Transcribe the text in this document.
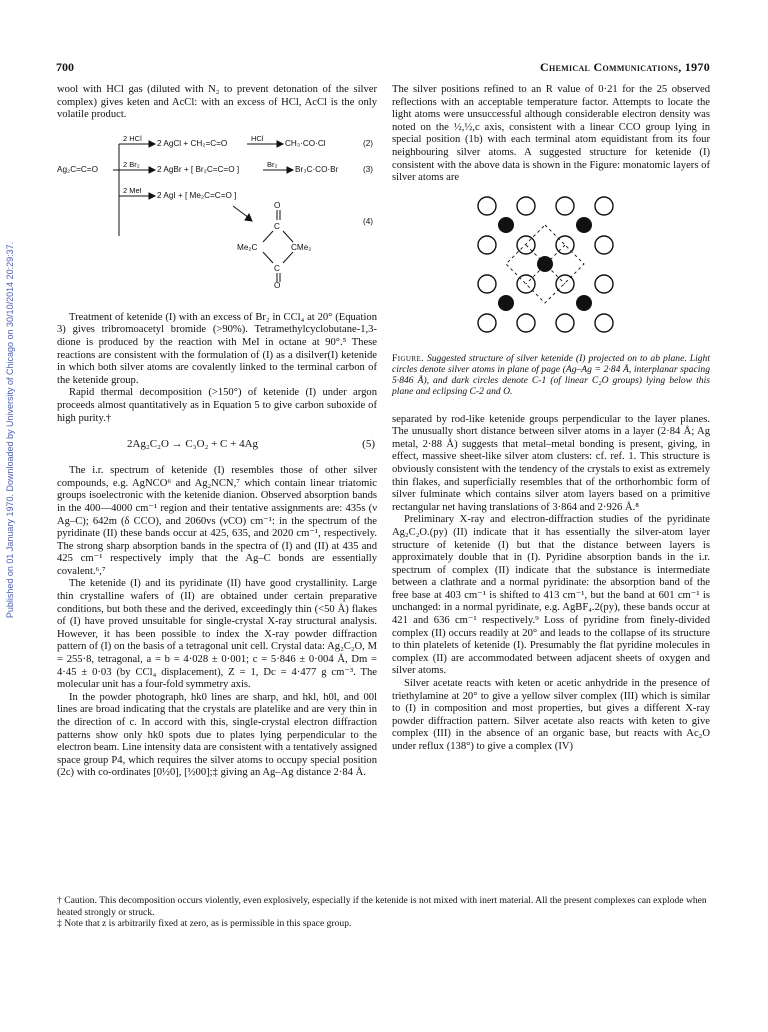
700	Chemical Communications, 1970
Published on 01 January 1970. Downloaded by University of Chicago on 30/10/2014 20:29:37.

wool with HCl gas (diluted with N₂ to prevent detonation of the silver complex) gives keten and AcCl: with an excess of HCl, AcCl is the only volatile product.

Ag₂C=C=O
2 HCl
2 AgCl + CH₂=C=O
HCl
CH₃·CO·Cl	(2)
2 Br₂
2 AgBr + [ Br₂C=C=O ]
Br₂
Br₃C·CO·Br	(3)
2 MeI
2 AgI + [ Me₂C=C=O ]
(4)
O
C
Me₂C	CMe₂
C
O

Treatment of ketenide (I) with an excess of Br₂ in CCl₄ at 20° (Equation 3) gives tribromoacetyl bromide (>90%). Tetramethylcyclobutane-1,3-dione is produced by the reaction with MeI in octane at 90°.⁵ These reactions are consistent with the formulation of (I) as a disilver(I) ketenide in which both silver atoms are covalently linked to the terminal carbon of the ketenide group.

Rapid thermal decomposition (>150°) of ketenide (I) under argon proceeds almost quantitatively as in Equation 5 to give carbon suboxide of high purity.†

2Ag₂C₂O → C₃O₂ + C + 4Ag	(5)

The i.r. spectrum of ketenide (I) resembles those of other silver compounds, e.g. AgNCO⁶ and Ag₂NCN,⁷ which contain linear triatomic groups isoelectronic with the ketenide dianion. Observed absorption bands in the 400—4000 cm⁻¹ region and their tentative assignments are: 435s (ν Ag–C); 642m (δ CCO), and 2060vs (νCO) cm⁻¹: in the spectrum of the pyridinate (II) these bands occur at 425, 635, and 2020 cm⁻¹, respectively. The strong sharp absorption bands in the spectra of (I) and (II) at 435 and 425 cm⁻¹ respectively imply that the Ag–C bonds are essentially covalent.⁶,⁷

The ketenide (I) and its pyridinate (II) have good crystallinity. Large thin crystalline wafers of (II) are obtained under certain preparative conditions, but both these and the derived, exceedingly thin (<50 Å) flakes of (I) have proved unsuitable for single-crystal X-ray structural analysis. However, it has been possible to index the X-ray powder diffraction pattern of (I) on the basis of a tetragonal unit cell. Crystal data: Ag₂C₂O, M = 255·8, tetragonal, a = b = 4·028 ± 0·001; c = 5·846 ± 0·004 Å, Dm = 4·45 ± 0·03 (by CCl₄ displacement), Z = 1, Dc = 4·477 g cm⁻³. The molecular unit has a four-fold symmetry axis.

In the powder photograph, hk0 lines are sharp, and hkl, h0l, and 00l lines are broad indicating that the crystals are platelike and are very thin in the direction of c. In accord with this, single-crystal electron diffraction patterns show only hk0 spots due to plates lying perpendicular to the electron beam. Line intensity data are consistent with a tentatively assigned space group P4, which requires the silver atoms to occupy special position (2c) with co-ordinates [0½0], [½00];‡ giving an Ag–Ag distance 2·84 Å.

The silver positions refined to an R value of 0·21 for the 25 observed reflections with an acceptable temperature factor. Attempts to locate the light atoms were unsuccessful although considerable electron density was noted on the ½,½,c axis, consistent with a linear CCO group lying in special position (1b) with each terminal atom equidistant from its four neighbouring silver atoms. A suggested structure for ketenide (I) consistent with the above data is shown in the Figure: monatomic layers of silver atoms are

Figure. Suggested structure of silver ketenide (I) projected on to ab plane. Light circles denote silver atoms in plane of page (Ag–Ag = 2·84 Å, interplanar spacing 5·846 Å), and dark circles denote C-1 (of linear C₂O groups) lying below this plane and eclipsing C-2 and O.

separated by rod-like ketenide groups perpendicular to the layer planes. The unusually short distance between silver atoms in a layer (2·84 Å; Ag metal, 2·88 Å) suggests that metal–metal bonding is present, giving, in effect, massive sheet-like silver atom clusters: cf. ref. 1. This structure is obviously consistent with the tendency of the crystals to exist as extremely thin flakes, and superficially resembles that of the orthorhombic form of silver fulminate which contains silver atom layers based on a primitive rectangular net having translations of 3·864 and 2·926 Å.⁸

Preliminary X-ray and electron-diffraction studies of the pyridinate Ag₂C₂O.(py) (II) indicate that it has essentially the silver-atom layer structure of ketenide (I) but that the distance between layers is approximately double that in (I). Pyridine absorption bands in the i.r. spectrum of complex (II) indicate that the substance is intermediate between a clathrate and a normal pyridinate: the absorption band of the free base at 403 cm⁻¹ is shifted to 413 cm⁻¹, but the band at 601 cm⁻¹ is unchanged: in a normal pyridinate, e.g. AgBF₄.2(py), these bands occur at 421 and 636 cm⁻¹ respectively.⁹ Loss of pyridine from finely-divided complex (II) occurs readily at 20° and leads to the collapse of its structure to thin platelets of ketenide (I). Presumably the flat pyridine molecules in complex (II) are accommodated between adjacent sheets of oxygen and silver atoms.

Silver acetate reacts with keten or acetic anhydride in the presence of triethylamine at 20° to give a yellow silver complex (III) which is similar to (I) in composition and most properties, but gives a different X-ray powder diffraction pattern. Silver acetate also reacts with keten to give complex (III) in the absence of an organic base, but reacts with Ac₂O under reflux (138°) to give a complex (IV)

† Caution. This decomposition occurs violently, even explosively, especially if the ketenide is not mixed with inert material. All the present complexes can explode when heated strongly or struck.

‡ Note that z is arbitrarily fixed at zero, as is permissible in this space group.
